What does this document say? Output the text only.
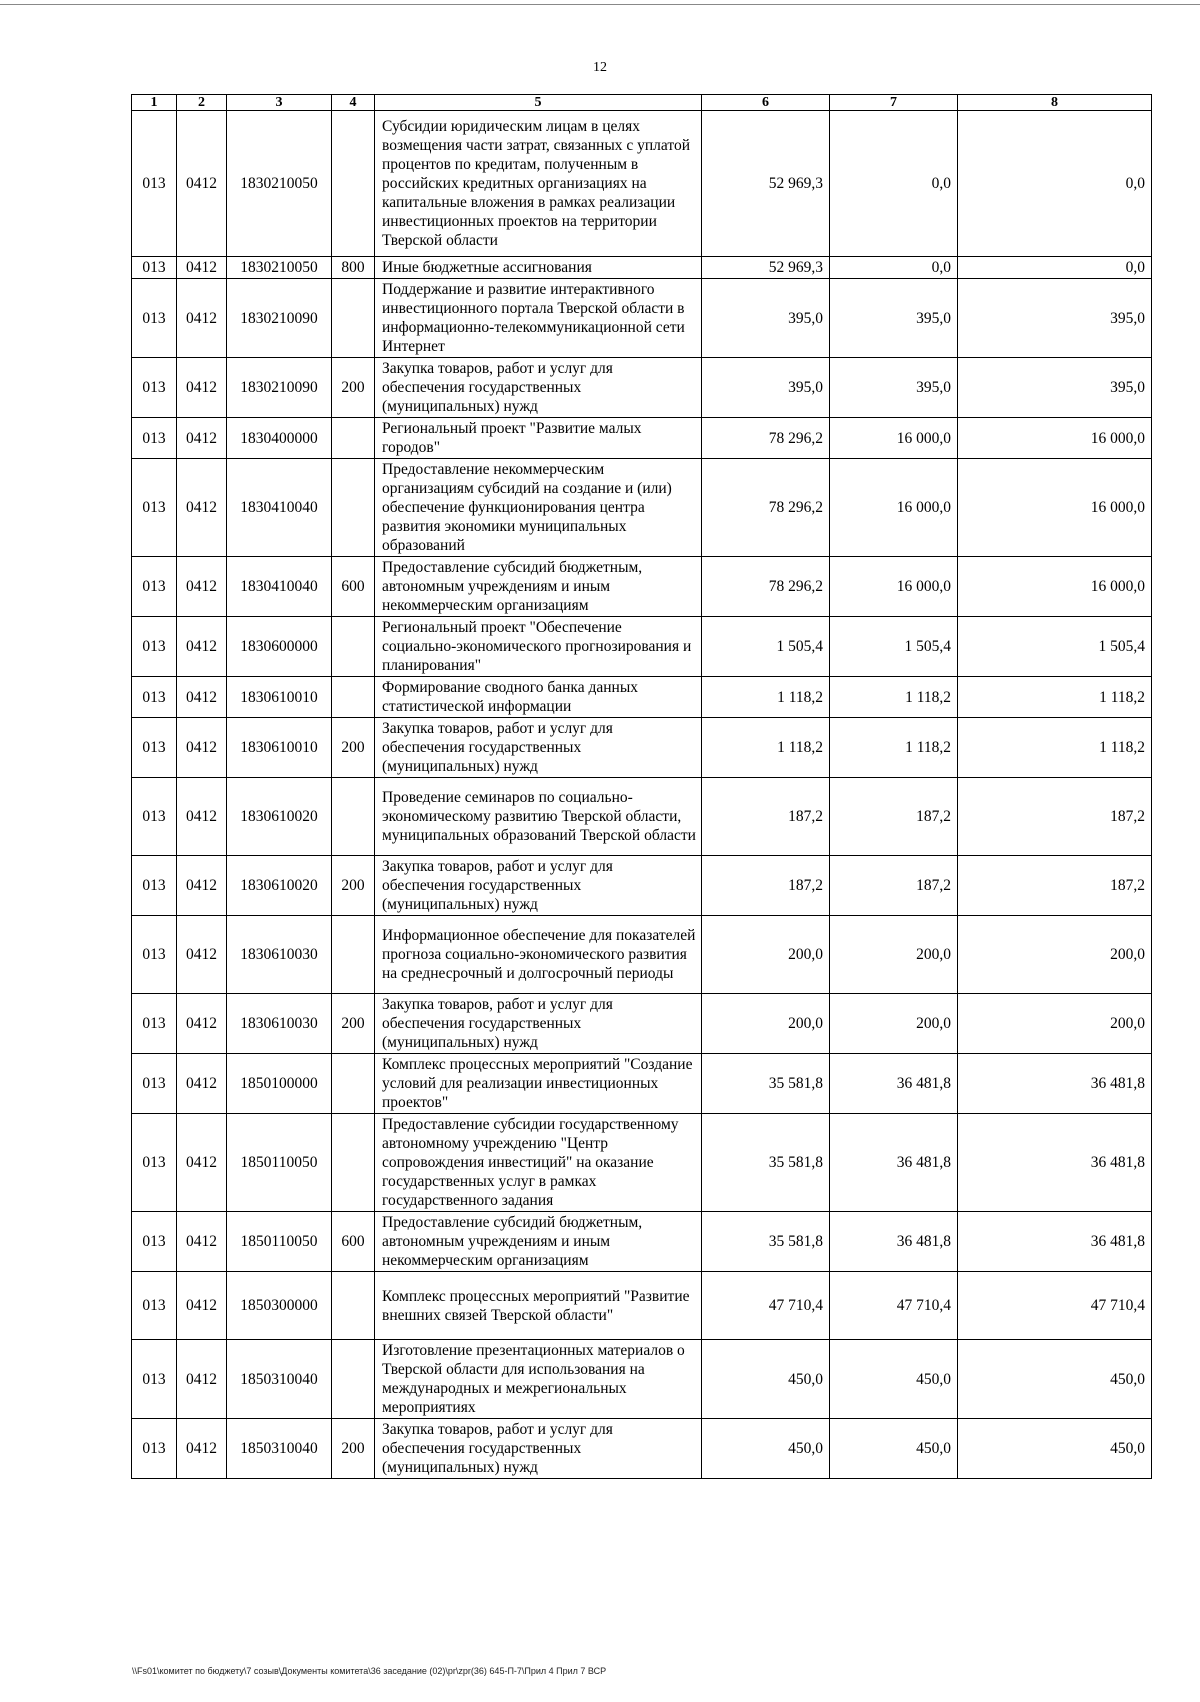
12
1	2	3	4	5	6	7	8
013	0412	1830210050		Субсидии юридическим лицам в целях возмещения части затрат, связанных с уплатой процентов по кредитам, полученным в российских кредитных организациях на капитальные вложения в рамках реализации инвестиционных проектов на территории Тверской области	52 969,3	0,0	0,0
013	0412	1830210050	800	Иные бюджетные ассигнования	52 969,3	0,0	0,0
013	0412	1830210090		Поддержание и развитие интерактивного инвестиционного портала Тверской области в информационно-телекоммуникационной сети Интернет	395,0	395,0	395,0
013	0412	1830210090	200	Закупка товаров, работ и услуг для обеспечения государственных (муниципальных) нужд	395,0	395,0	395,0
013	0412	1830400000		Региональный проект "Развитие малых городов"	78 296,2	16 000,0	16 000,0
013	0412	1830410040		Предоставление некоммерческим организациям субсидий на создание и (или) обеспечение функционирования центра развития экономики муниципальных образований	78 296,2	16 000,0	16 000,0
013	0412	1830410040	600	Предоставление субсидий бюджетным, автономным учреждениям и иным некоммерческим организациям	78 296,2	16 000,0	16 000,0
013	0412	1830600000		Региональный проект "Обеспечение социально-экономического прогнозирования и планирования"	1 505,4	1 505,4	1 505,4
013	0412	1830610010		Формирование сводного банка данных статистической информации	1 118,2	1 118,2	1 118,2
013	0412	1830610010	200	Закупка товаров, работ и услуг для обеспечения государственных (муниципальных) нужд	1 118,2	1 118,2	1 118,2
013	0412	1830610020		Проведение семинаров по социально-экономическому развитию Тверской области, муниципальных образований Тверской области	187,2	187,2	187,2
013	0412	1830610020	200	Закупка товаров, работ и услуг для обеспечения государственных (муниципальных) нужд	187,2	187,2	187,2
013	0412	1830610030		Информационное обеспечение для показателей прогноза социально-экономического развития на среднесрочный и долгосрочный периоды	200,0	200,0	200,0
013	0412	1830610030	200	Закупка товаров, работ и услуг для обеспечения государственных (муниципальных) нужд	200,0	200,0	200,0
013	0412	1850100000		Комплекс процессных мероприятий "Создание условий для реализации инвестиционных проектов"	35 581,8	36 481,8	36 481,8
013	0412	1850110050		Предоставление субсидии государственному автономному учреждению "Центр сопровождения инвестиций" на оказание государственных услуг в рамках государственного задания	35 581,8	36 481,8	36 481,8
013	0412	1850110050	600	Предоставление субсидий бюджетным, автономным учреждениям и иным некоммерческим организациям	35 581,8	36 481,8	36 481,8
013	0412	1850300000		Комплекс процессных мероприятий "Развитие внешних связей Тверской области"	47 710,4	47 710,4	47 710,4
013	0412	1850310040		Изготовление презентационных материалов о Тверской области для использования на международных и межрегиональных мероприятиях	450,0	450,0	450,0
013	0412	1850310040	200	Закупка товаров, работ и услуг для обеспечения государственных (муниципальных) нужд	450,0	450,0	450,0
\\Fs01\комитет по бюджету\7 созыв\Документы комитета\36 заседание (02)\pr\zpr(36) 645-П-7\Прил 4 Прил 7 ВСР
